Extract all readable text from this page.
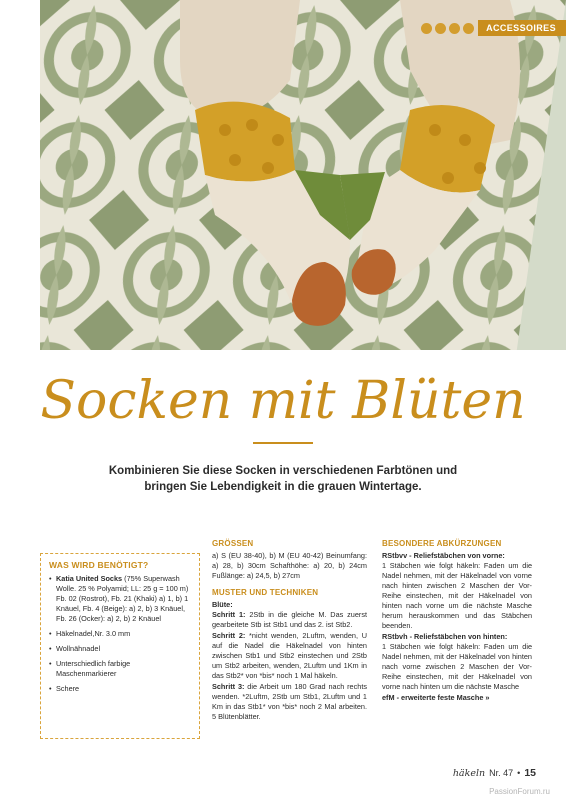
ACCESSOIRES
Socken mit Blüten
Kombinieren Sie diese Socken in verschiedenen Farbtönen und bringen Sie Lebendigkeit in die grauen Wintertage.
WAS WIRD BENÖTIGT?
• Katia United Socks (75% Superwash Wolle. 25 % Polyamid; LL: 25 g = 100 m) Fb. 02 (Rostrot), Fb. 21 (Khaki) a) 1, b) 1 Knäuel, Fb. 4 (Beige): a) 2, b) 3 Knäuel, Fb. 26 (Ocker): a) 2, b) 2 Knäuel
• Häkelnadel,Nr. 3.0 mm
• Wollnähnadel
• Unterschiedlich farbige Maschenmarkierer
• Schere
GRÖSSEN

a) S (EU 38-40), b) M (EU 40-42) Beinumfang: a) 28, b) 30cm Schafthöhe: a) 20, b) 24cm Fußlänge: a) 24,5, b) 27cm

MUSTER UND TECHNIKEN

Blüte:

Schritt 1: 2Stb in die gleiche M. Das zuerst gearbeitete Stb ist Stb1 und das 2. ist Stb2.

Schritt 2: *nicht wenden, 2Luftm, wenden, U auf die Nadel die Häkelnadel von hinten zwischen Stb1 und Stb2 einstechen und 2Stb um Stb2 arbeiten, wenden, 2Luftm und 1Km in das Stb2* von *bis* noch 1 Mal häkeln.

Schritt 3: die Arbeit um 180 Grad nach rechts wenden. *2Luftm, 2Stb um Stb1, 2Luftm und 1 Km in das Stb1* von *bis* noch 2 Mal arbeiten. 5 Blütenblätter.

BESONDERE ABKÜRZUNGEN

RStbvv - Reliefstäbchen von vorne:

1 Stäbchen wie folgt häkeln: Faden um die Nadel nehmen, mit der Häkelnadel von vorne nach hinten zwischen 2 Maschen der Vor-Reihe einstechen, mit der Häkelnadel von hinten nach vorne um die nächste Masche herum herauskommen und das Stäbchen beenden.

RStbvh - Reliefstäbchen von hinten:

1 Stäbchen wie folgt häkeln: Faden um die Nadel nehmen, mit der Häkelnadel von hinten nach vorne zwischen 2 Maschen der Vor-Reihe einstechen, mit der Häkelnadel von vorne nach hinten um die nächste Masche

efM - erweiterte feste Masche »

häkeln Nr. 47 • 15
PassionForum.ru
